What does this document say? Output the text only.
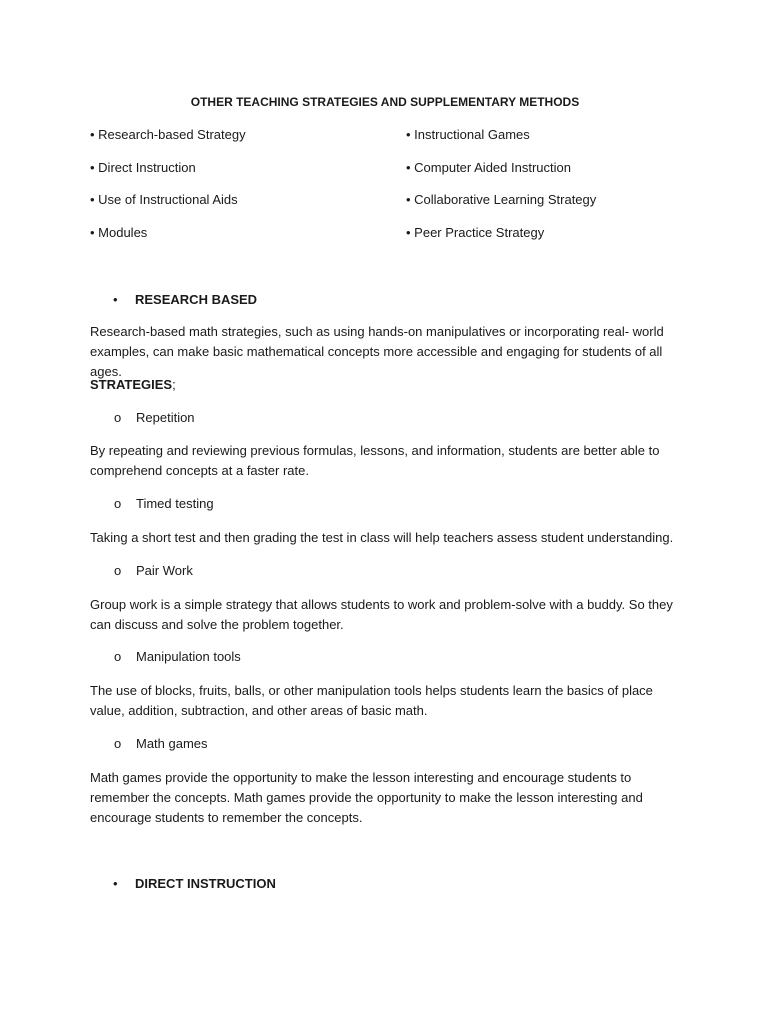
OTHER TEACHING STRATEGIES AND SUPPLEMENTARY METHODS
• Research-based Strategy
• Direct Instruction
• Use of Instructional Aids
• Modules
• Instructional Games
• Computer Aided Instruction
• Collaborative Learning Strategy
• Peer Practice Strategy
• RESEARCH BASED
Research-based math strategies, such as using hands-on manipulatives or incorporating real- world examples, can make basic mathematical concepts more accessible and engaging for students of all ages.
STRATEGIES;
o Repetition
By repeating and reviewing previous formulas, lessons, and information, students are better able to comprehend concepts at a faster rate.
o Timed testing
Taking a short test and then grading the test in class will help teachers assess student understanding.
o Pair Work
Group work is a simple strategy that allows students to work and problem-solve with a buddy. So they can discuss and solve the problem together.
o Manipulation tools
The use of blocks, fruits, balls, or other manipulation tools helps students learn the basics of place value, addition, subtraction, and other areas of basic math.
o Math games
Math games provide the opportunity to make the lesson interesting and encourage students to remember the concepts. Math games provide the opportunity to make the lesson interesting and encourage students to remember the concepts.
• DIRECT INSTRUCTION
